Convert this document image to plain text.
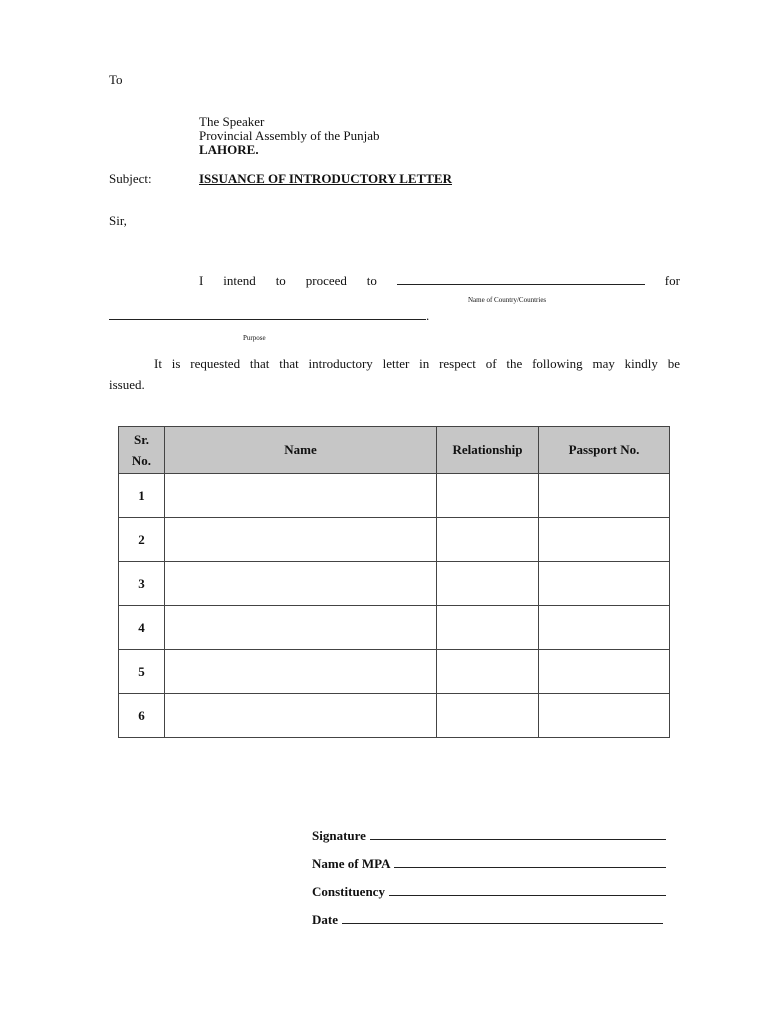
To
The Speaker
Provincial Assembly of the Punjab
LAHORE.
Subject:	ISSUANCE OF INTRODUCTORY LETTER
Sir,
I intend to proceed to	for
Name of Country/Countries
.
Purpose
It is requested that that introductory letter in respect of the following may kindly be
issued.
Sr.
No.	Name	Relationship	Passport No.
1			
2			
3			
4			
5			
6			
Signature
Name of MPA
Constituency
Date
